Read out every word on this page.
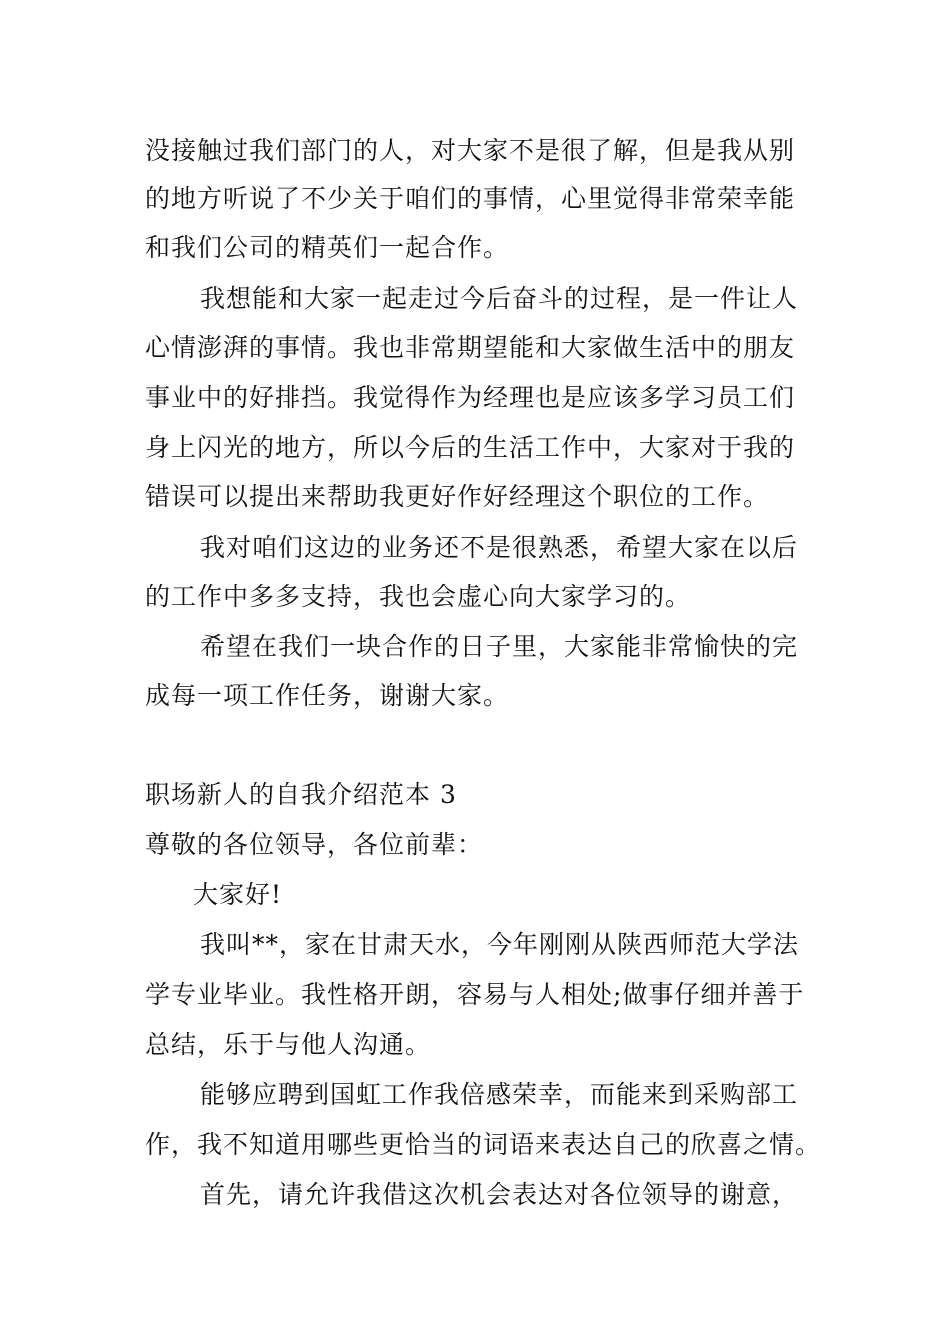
没接触过我们部门的人，对大家不是很了解，但是我从别
的地方听说了不少关于咱们的事情，心里觉得非常荣幸能
和我们公司的精英们一起合作。
我想能和大家一起走过今后奋斗的过程，是一件让人
心情澎湃的事情。我也非常期望能和大家做生活中的朋友
事业中的好排挡。我觉得作为经理也是应该多学习员工们
身上闪光的地方，所以今后的生活工作中，大家对于我的
错误可以提出来帮助我更好作好经理这个职位的工作。
我对咱们这边的业务还不是很熟悉，希望大家在以后
的工作中多多支持，我也会虚心向大家学习的。
希望在我们一块合作的日子里，大家能非常愉快的完
成每一项工作任务，谢谢大家。
职场新人的自我介绍范本 3
尊敬的各位领导，各位前辈：
大家好!
我叫**，家在甘肃天水，今年刚刚从陕西师范大学法
学专业毕业。我性格开朗，容易与人相处;做事仔细并善于
总结，乐于与他人沟通。
能够应聘到国虹工作我倍感荣幸，而能来到采购部工
作，我不知道用哪些更恰当的词语来表达自己的欣喜之情。
首先，请允许我借这次机会表达对各位领导的谢意，
